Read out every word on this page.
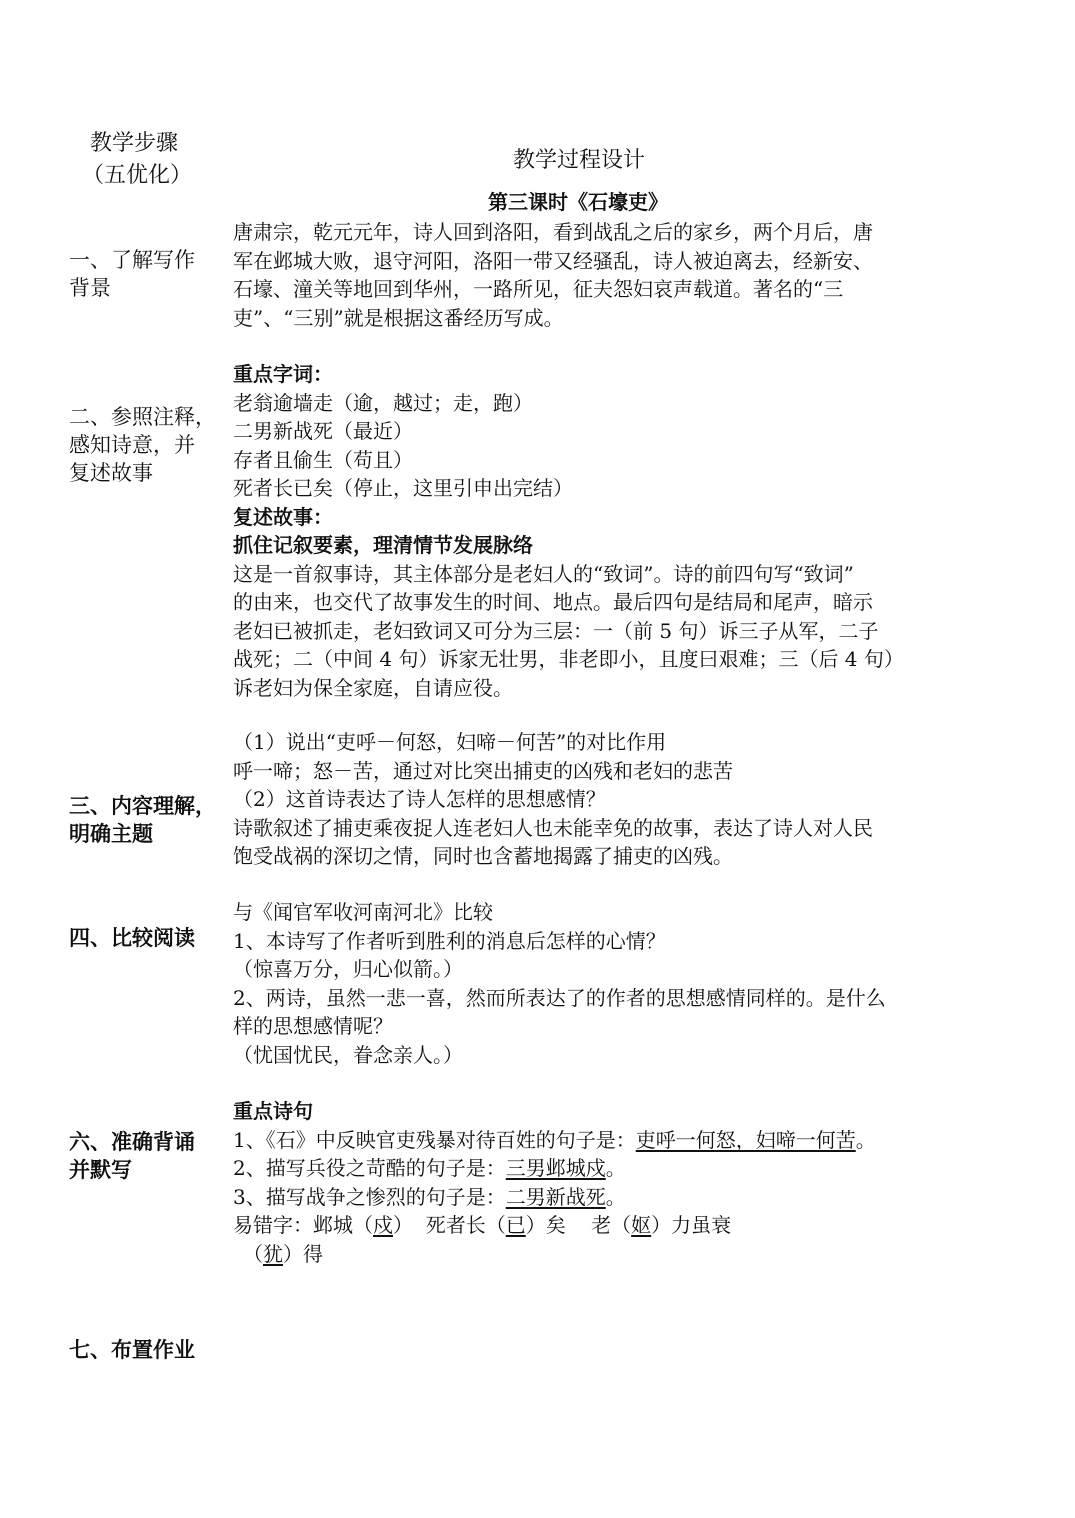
教学步骤
（五优化）
教学过程设计
第三课时《石壕吏》
一、了解写作
背景
唐肃宗，乾元元年，诗人回到洛阳，看到战乱之后的家乡，两个月后，唐
军在邺城大败，退守河阳，洛阳一带又经骚乱，诗人被迫离去，经新安、
石壕、潼关等地回到华州，一路所见，征夫怨妇哀声载道。著名的“三
吏”、“三别”就是根据这番经历写成。
二、参照注释，
感知诗意，并
复述故事
重点字词：
老翁逾墙走（逾，越过；走，跑）
二男新战死（最近）
存者且偷生（苟且）
死者长已矣（停止，这里引申出完结）
复述故事：
抓住记叙要素，理清情节发展脉络
这是一首叙事诗，其主体部分是老妇人的“致词”。诗的前四句写“致词”
的由来，也交代了故事发生的时间、地点。最后四句是结局和尾声，暗示
老妇已被抓走，老妇致词又可分为三层：一（前 5 句）诉三子从军，二子
战死；二（中间 4 句）诉家无壮男，非老即小，且度曰艰难；三（后 4 句）
诉老妇为保全家庭，自请应役。
三、内容理解，
明确主题
（1）说出“吏呼－何怒，妇啼－何苦”的对比作用
呼一啼；怒－苦，通过对比突出捕吏的凶残和老妇的悲苦
（2）这首诗表达了诗人怎样的思想感情？
诗歌叙述了捕吏乘夜捉人连老妇人也未能幸免的故事，表达了诗人对人民
饱受战祸的深切之情，同时也含蓄地揭露了捕吏的凶残。
四、比较阅读
与《闻官军收河南河北》比较
1、本诗写了作者听到胜利的消息后怎样的心情？
（惊喜万分，归心似箭。）
2、两诗，虽然一悲一喜，然而所表达了的作者的思想感情同样的。是什么
样的思想感情呢？
（忧国忧民，眷念亲人。）
六、准确背诵
并默写
重点诗句
1、《石》中反映官吏残暴对待百姓的句子是：吏呼一何怒，妇啼一何苦。
2、描写兵役之苛酷的句子是：三男邺城戍。
3、描写战争之惨烈的句子是：二男新战死。
易错字：邺城（戍）  死者长（已）矣    老（妪）力虽衰
（犹）得
七、布置作业
